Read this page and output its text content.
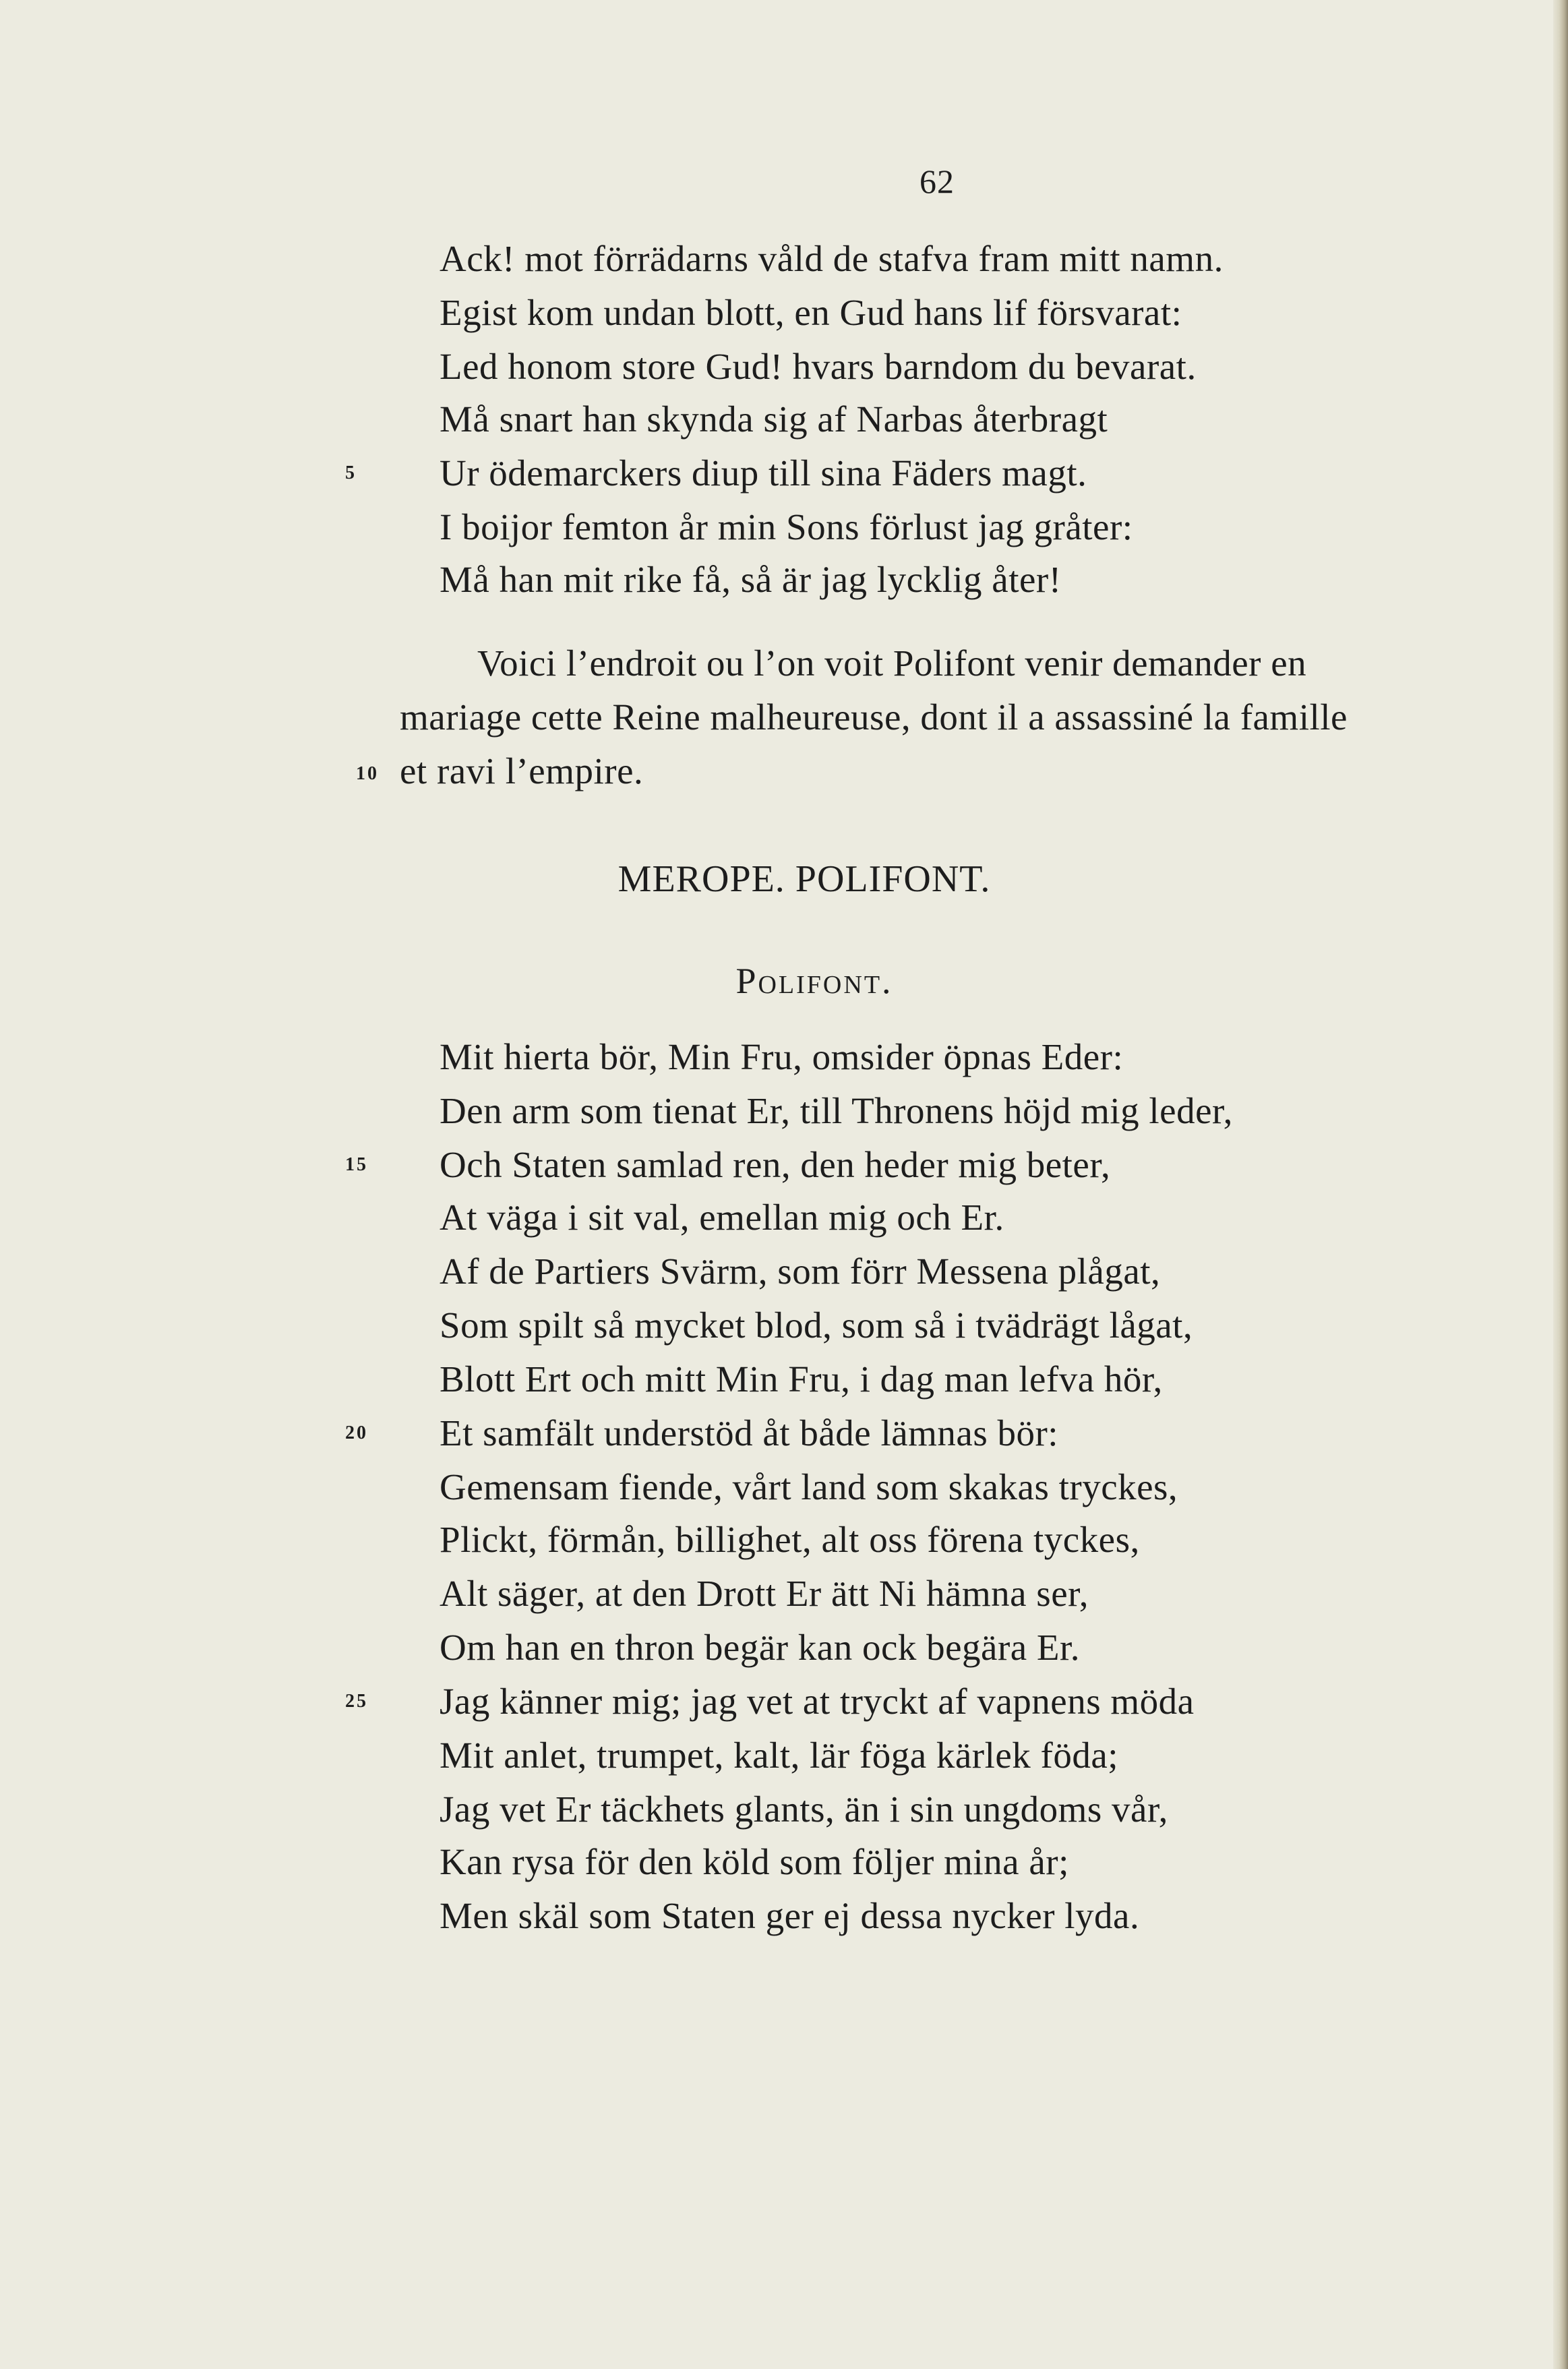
62
Ack! mot förrädarns våld de stafva fram mitt namn.
Egist kom undan blott, en Gud hans lif försvarat:
Led honom store Gud! hvars barndom du bevarat.
Må snart han skynda sig af Narbas återbragt
5	Ur ödemarckers diup till sina Fäders magt.
I boijor femton år min Sons förlust jag gråter:
Må han mit rike få, så är jag lycklig åter!
Voici l’endroit ou l’on voit Polifont venir demander en
mariage cette Reine malheureuse, dont il a assassiné la famille
10 et ravi l’empire.
MEROPE. POLIFONT.
Polifont.
Mit hierta bör, Min Fru, omsider öpnas Eder:
Den arm som tienat Er, till Thronens höjd mig leder,
15	Och Staten samlad ren, den heder mig beter,
At väga i sit val, emellan mig och Er.
Af de Partiers Svärm, som förr Messena plågat,
Som spilt så mycket blod, som så i tvädrägt lågat,
Blott Ert och mitt Min Fru, i dag man lefva hör,
20	Et samfält understöd åt både lämnas bör:
Gemensam fiende, vårt land som skakas tryckes,
Plickt, förmån, billighet, alt oss förena tyckes,
Alt säger, at den Drott Er ätt Ni hämna ser,
Om han en thron begär kan ock begära Er.
25	Jag känner mig; jag vet at tryckt af vapnens möda
Mit anlet, trumpet, kalt, lär föga kärlek föda;
Jag vet Er täckhets glants, än i sin ungdoms vår,
Kan rysa för den köld som följer mina år;
Men skäl som Staten ger ej dessa nycker lyda.
